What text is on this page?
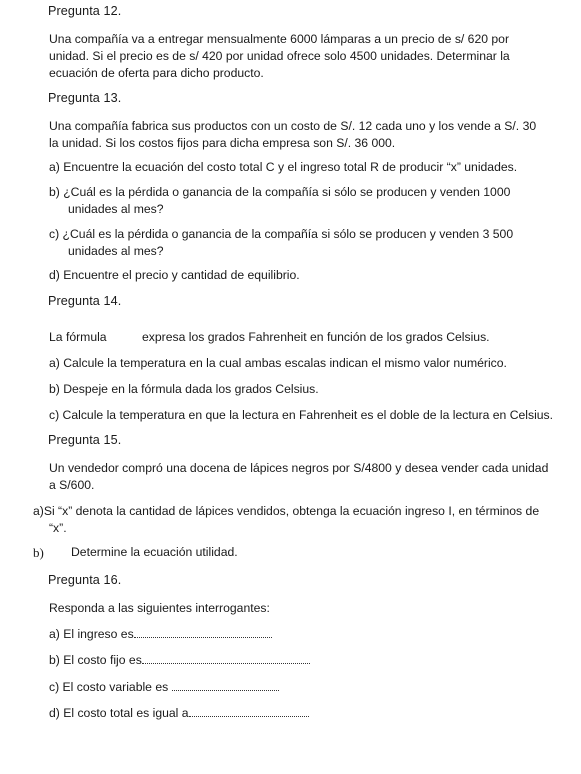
Pregunta 12.
Una compañía va a entregar mensualmente 6000 lámparas a un precio de s/ 620 por
unidad. Si el precio es de s/ 420 por unidad ofrece solo 4500 unidades. Determinar la
ecuación de oferta para dicho producto.
Pregunta 13.
Una compañía fabrica sus productos con un costo de S/. 12 cada uno y los vende a S/. 30
la unidad. Si los costos fijos para dicha empresa son S/. 36 000.
a) Encuentre la ecuación del costo total C y el ingreso total R de producir “x” unidades.
b) ¿Cuál es la pérdida o ganancia de la compañía si sólo se producen y venden 1000
unidades al mes?
c) ¿Cuál es la pérdida o ganancia de la compañía si sólo se producen y venden 3 500
unidades al mes?
d) Encuentre el precio y cantidad de equilibrio.
Pregunta 14.
La fórmula	expresa los grados Fahrenheit en función de los grados Celsius.
a) Calcule la temperatura en la cual ambas escalas indican el mismo valor numérico.
b) Despeje en la fórmula dada los grados Celsius.
c) Calcule la temperatura en que la lectura en Fahrenheit es el doble de la lectura en Celsius.
Pregunta 15.
Un vendedor compró una docena de lápices negros por S/4800 y desea vender cada unidad
a S/600.
a)Si “x” denota la cantidad de lápices vendidos, obtenga la ecuación ingreso I, en términos de
“x”.
b) Determine la ecuación utilidad.
Pregunta 16.
Responda a las siguientes interrogantes:
a) El ingreso es
b) El costo fijo es
c) El costo variable es
d) El costo total es igual a
